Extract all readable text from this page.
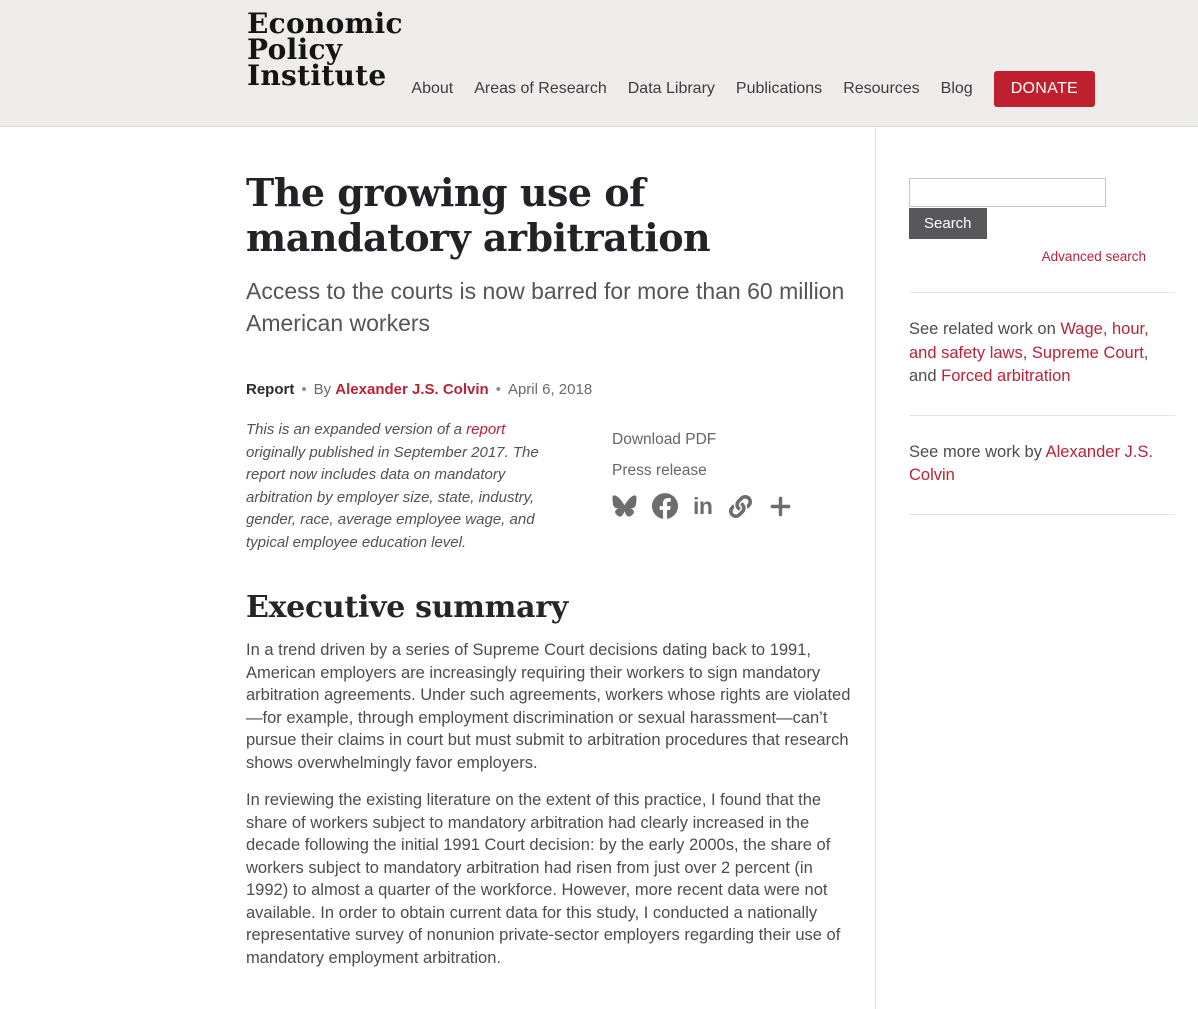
Economic
Policy
Institute	About Areas of Research Data Library Publications Resources Blog	DONATE
The growing use of mandatory arbitration
Access to the courts is now barred for more than 60 million American workers
Report • By Alexander J.S. Colvin • April 6, 2018

This is an expanded version of a report originally published in September 2017. The report now includes data on mandatory arbitration by employer size, state, industry, gender, race, average employee wage, and typical employee education level.

Download PDF
Press release
in
Executive summary

In a trend driven by a series of Supreme Court decisions dating back to 1991, American employers are increasingly requiring their workers to sign mandatory arbitration agreements. Under such agreements, workers whose rights are violated—for example, through employment discrimination or sexual harassment—can’t pursue their claims in court but must submit to arbitration procedures that research shows overwhelmingly favor employers.

In reviewing the existing literature on the extent of this practice, I found that the share of workers subject to mandatory arbitration had clearly increased in the decade following the initial 1991 Court decision: by the early 2000s, the share of workers subject to mandatory arbitration had risen from just over 2 percent (in 1992) to almost a quarter of the workforce. However, more recent data were not available. In order to obtain current data for this study, I conducted a nationally representative survey of nonunion private-sector employers regarding their use of mandatory employment arbitration.

Search
Advanced search

See related work on Wage, hour, and safety laws, Supreme Court, and Forced arbitration

See more work by Alexander J.S. Colvin
